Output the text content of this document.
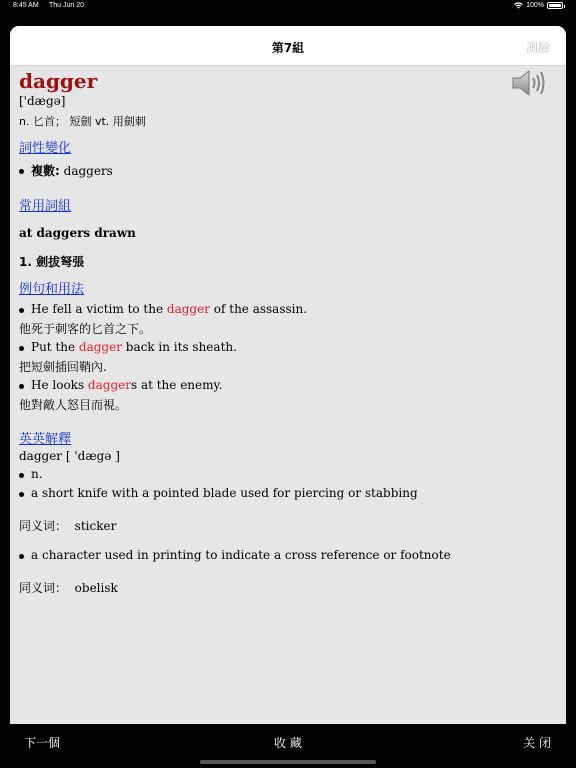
8:45 AM Thu Jun 20	100%
第7組	測驗
dagger
['dægə]
n. 匕首； 短劍 vt. 用劍刺
詞性變化
複數: daggers
常用詞組
at daggers drawn
1. 劍拔弩張
例句和用法
He fell a victim to the dagger of the assassin.
他死于刺客的匕首之下。
Put the dagger back in its sheath.
把短劍插回鞘內.
He looks daggers at the enemy.
他對敵人怒目而視。
英英解釋
dagger [ 'dægə ]
n.
a short knife with a pointed blade used for piercing or stabbing
同义词： sticker
a character used in printing to indicate a cross reference or footnote
同义词： obelisk
下一個	收 藏	关 闭
